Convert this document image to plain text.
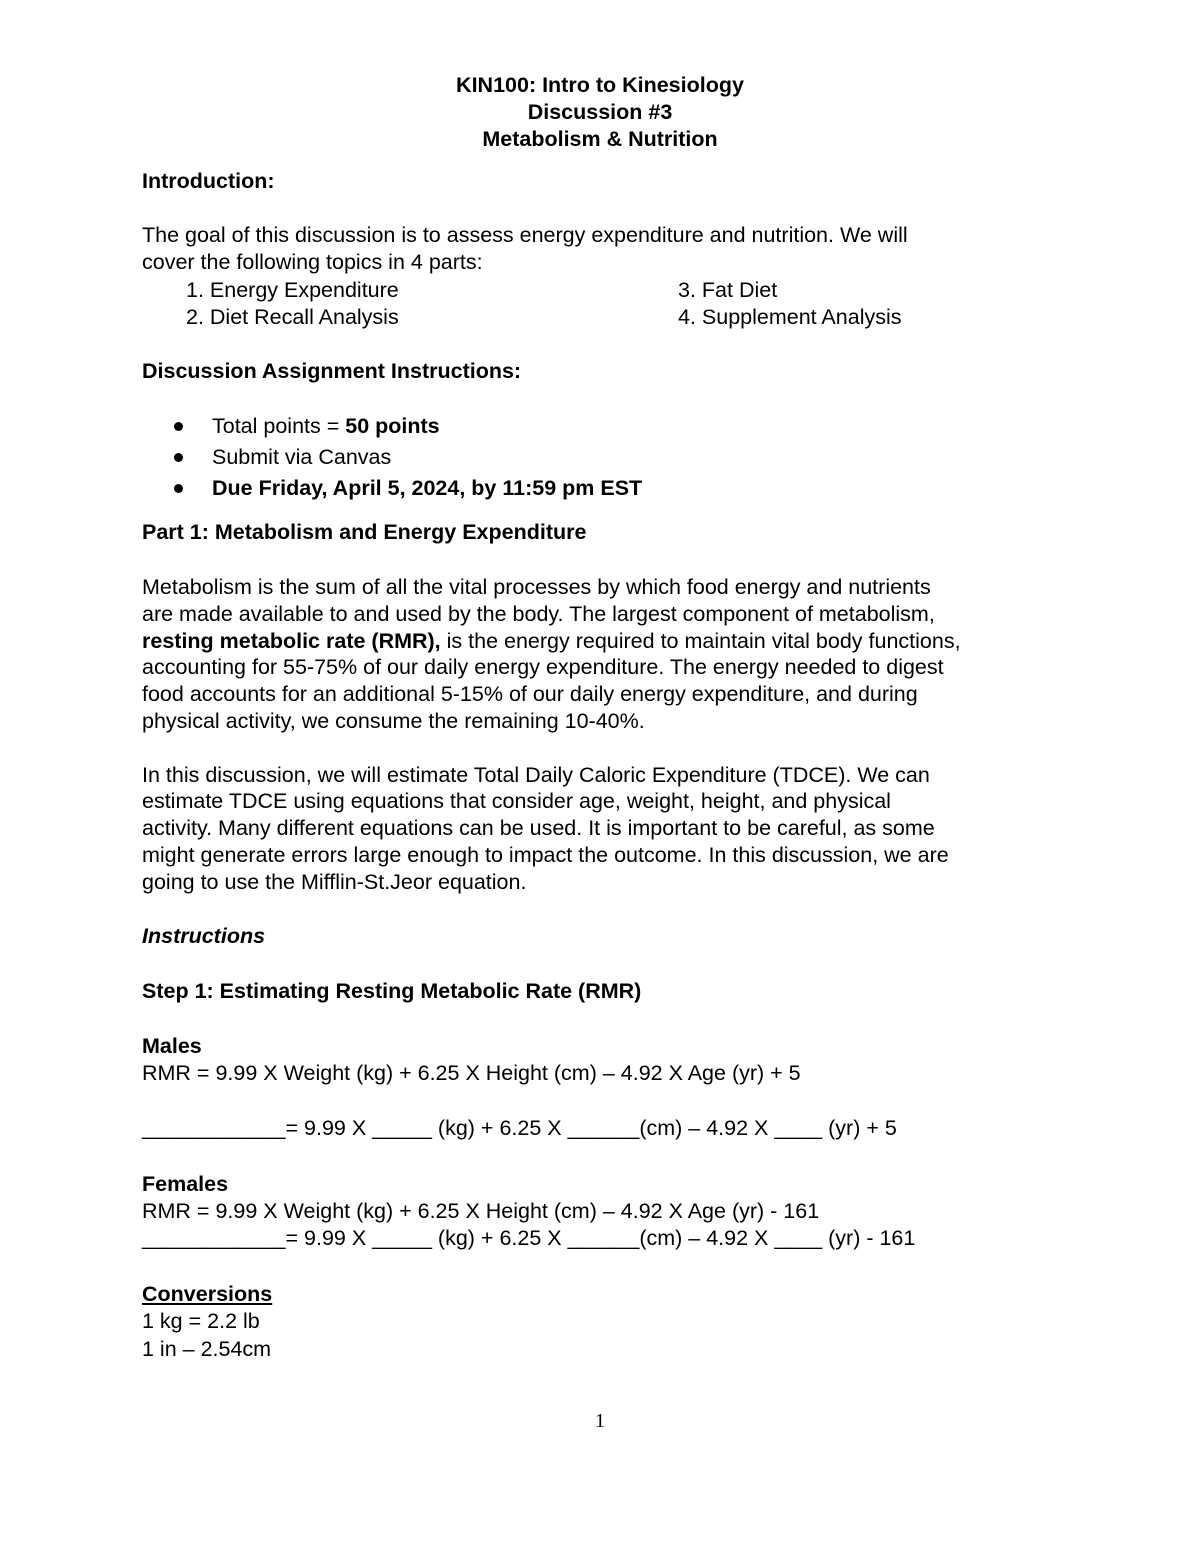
KIN100: Intro to Kinesiology
Discussion #3
Metabolism & Nutrition
Introduction:
The goal of this discussion is to assess energy expenditure and nutrition. We will
cover the following topics in 4 parts:
1. Energy Expenditure
2. Diet Recall Analysis
3. Fat Diet
4. Supplement Analysis
Discussion Assignment Instructions:
Total points = 50 points
Submit via Canvas
Due Friday, April 5, 2024, by 11:59 pm EST
Part 1: Metabolism and Energy Expenditure
Metabolism is the sum of all the vital processes by which food energy and nutrients
are made available to and used by the body. The largest component of metabolism,
resting metabolic rate (RMR), is the energy required to maintain vital body functions,
accounting for 55-75% of our daily energy expenditure. The energy needed to digest
food accounts for an additional 5-15% of our daily energy expenditure, and during
physical activity, we consume the remaining 10-40%.
In this discussion, we will estimate Total Daily Caloric Expenditure (TDCE). We can
estimate TDCE using equations that consider age, weight, height, and physical
activity. Many different equations can be used. It is important to be careful, as some
might generate errors large enough to impact the outcome. In this discussion, we are
going to use the Mifflin-St.Jeor equation.
Instructions
Step 1: Estimating Resting Metabolic Rate (RMR)
Males
RMR = 9.99 X Weight (kg) + 6.25 X Height (cm) – 4.92 X Age (yr) + 5
____________= 9.99 X _____ (kg) + 6.25 X ______(cm) – 4.92 X ____ (yr) + 5
Females
RMR = 9.99 X Weight (kg) + 6.25 X Height (cm) – 4.92 X Age (yr) - 161
____________= 9.99 X _____ (kg) + 6.25 X ______(cm) – 4.92 X ____ (yr) - 161
Conversions
1 kg = 2.2 lb
1 in – 2.54cm
1
